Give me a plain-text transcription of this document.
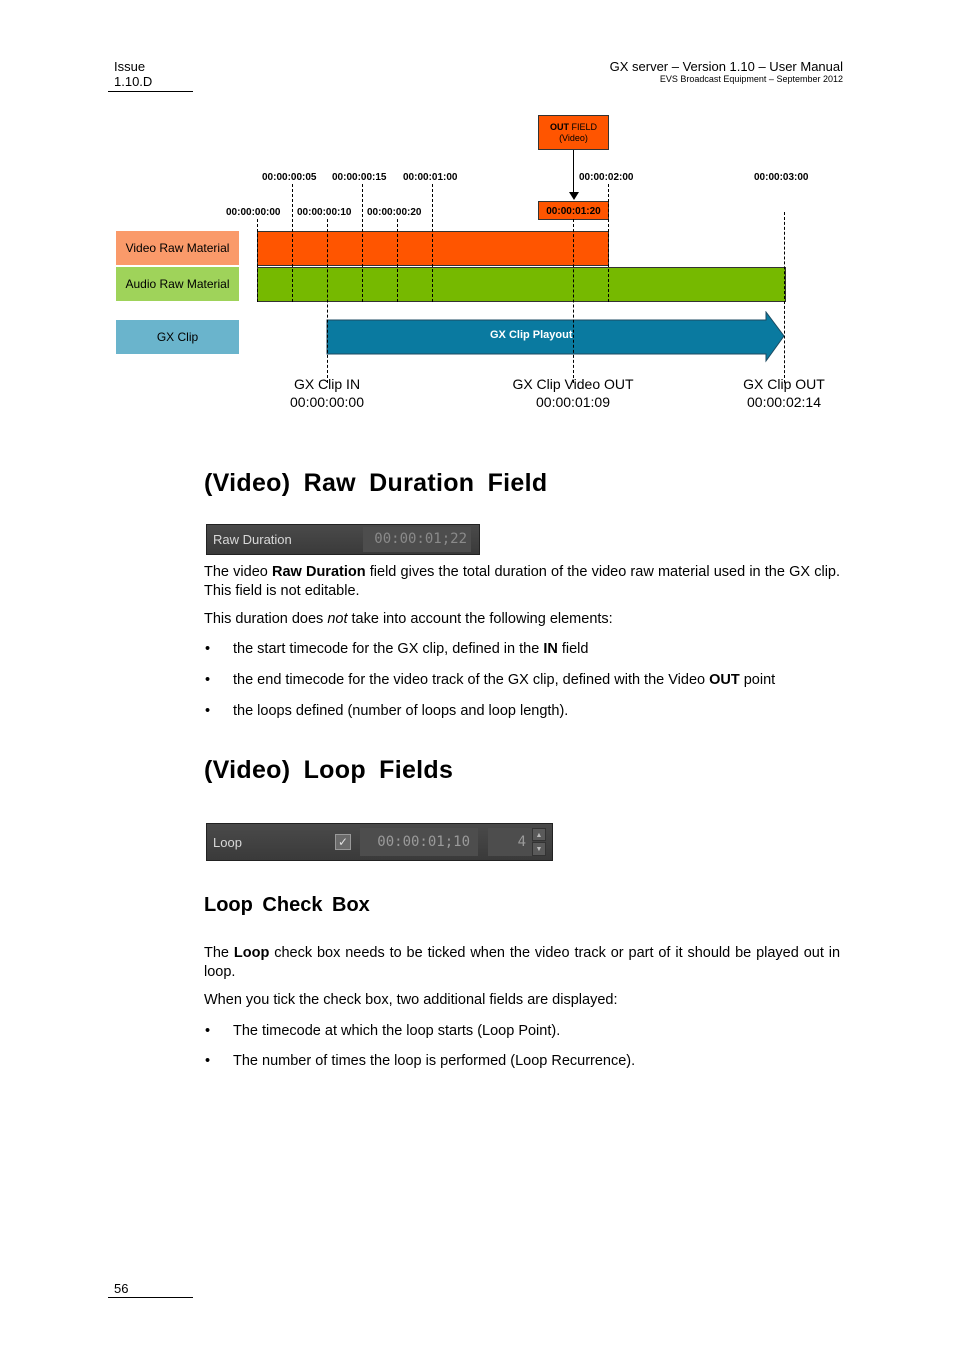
Issue
1.10.D
GX server – Version 1.10 – User Manual
EVS Broadcast Equipment – September 2012
OUT FIELD
(Video)
00:00:00:05 00:00:00:15 00:00:01:00	00:00:02:00	00:00:03:00
00:00:00:00 00:00:00:10 00:00:00:20	00:00:01:20
Video Raw Material
Audio Raw Material
GX Clip	GX Clip Playout
GX Clip IN
00:00:00:00
GX Clip Video OUT
00:00:01:09
GX Clip OUT
00:00:02:14
(Video) Raw Duration Field
Raw Duration	00:00:01;22

The video Raw Duration field gives the total duration of the video raw material used in the GX clip. This field is not editable.

This duration does not take into account the following elements:

• the start timecode for the GX clip, defined in the IN field
• the end timecode for the video track of the GX clip, defined with the Video OUT point
• the loops defined (number of loops and loop length).
(Video) Loop Fields
Loop	✓	00:00:01;10	4	▲
▼
Loop Check Box

The Loop check box needs to be ticked when the video track or part of it should be played out in loop.

When you tick the check box, two additional fields are displayed:

• The timecode at which the loop starts (Loop Point).
• The number of times the loop is performed (Loop Recurrence).
56
